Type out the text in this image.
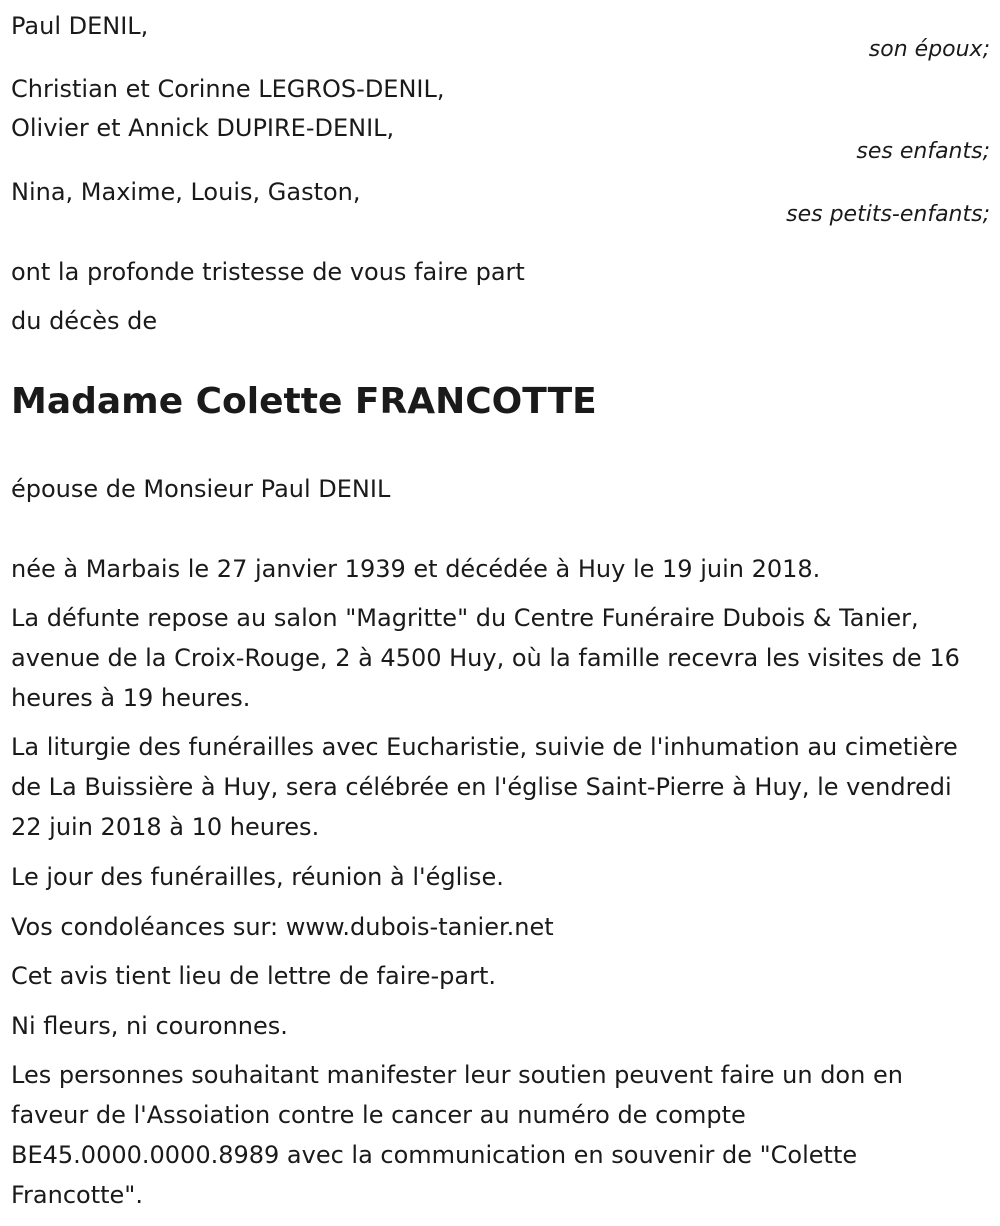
Paul DENIL,
son époux;
Christian et Corinne LEGROS-DENIL,
Olivier et Annick DUPIRE-DENIL,
ses enfants;
Nina, Maxime, Louis, Gaston,
ses petits-enfants;
ont la profonde tristesse de vous faire part
du décès de
Madame Colette FRANCOTTE
épouse de Monsieur Paul DENIL
née à Marbais le 27 janvier 1939 et décédée à Huy le 19 juin 2018.
La défunte repose au salon "Magritte" du Centre Funéraire Dubois & Tanier, avenue de la Croix-Rouge, 2 à 4500 Huy, où la famille recevra les visites de 16 heures à 19 heures.
La liturgie des funérailles avec Eucharistie, suivie de l'inhumation au cimetière de La Buissière à Huy, sera célébrée en l'église Saint-Pierre à Huy, le vendredi 22 juin 2018 à 10 heures.
Le jour des funérailles, réunion à l'église.
Vos condoléances sur: www.dubois-tanier.net
Cet avis tient lieu de lettre de faire-part.
Ni fleurs, ni couronnes.
Les personnes souhaitant manifester leur soutien peuvent faire un don en faveur de l'Assoiation contre le cancer au numéro de compte BE45.0000.0000.8989 avec la communication en souvenir de "Colette Francotte".
